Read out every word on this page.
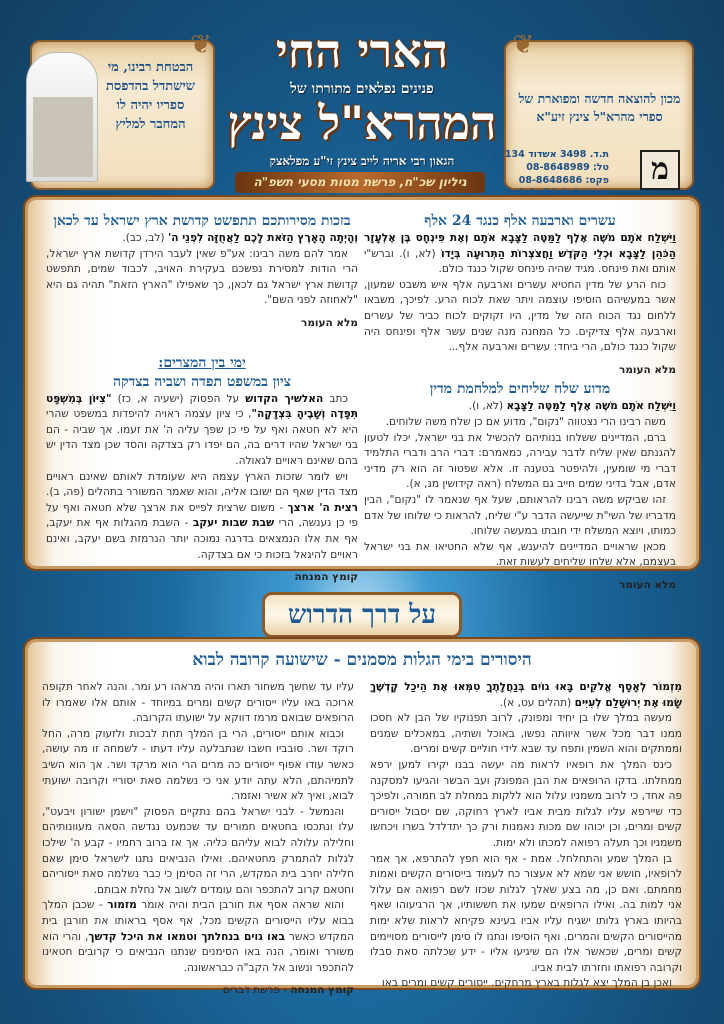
❦
❦
מכון להוצאה חדשה ומפוארת של ספרי מהרא"ל צינץ זיע"א
ת.ד. 3498 אשדוד 77134
טל: 08-8648989
פקס: 08-8648686
tzintz@tzintz.org
מ
הבטחת רבינו, מי שישתדל בהדפסת ספריו יהיה לו המחבר למליץ
הארי החי
פנינים נפלאים מתורתו של
המהרא"ל צינץ
הגאון רבי אריה לייב צינץ זי"ע מפלאצק
גיליון שכ"ח, פרשת מטות מסעי תשפ"ה
עשרים וארבעה אלף כנגד 24 אלף

וַיִּשְׁלַח אֹתָם מֹשֶׁה אֶלֶף לַמַּטֶּה לַצָּבָא אֹתָם וְאֶת פִּינְחָס בֶּן אֶלְעָזָר הַכֹּהֵן לַצָּבָא וּכְלֵי הַקֹּדֶשׁ וַחֲצֹצְרוֹת הַתְּרוּעָה בְּיָדוֹ (לא, ו). וברש"י אותם ואת פינחס. מגיד שהיה פינחס שקול כנגד כולם.

כוח הרע של מדין החטיא עשרים וארבעה אלף איש משבט שמעון, אשר במעשיהם הוסיפו עוצמה ויתר שאת לכוח הרע. לפיכך, משבאו ללחום נגד הכוח הזה של מדין, היו זקוקים לכוח כביר של עשרים וארבעה אלף צדיקים. כל המחנה מנה שנים עשר אלף ופינחס היה שקול כנגד כולם, הרי ביחד: עשרים וארבעה אלף...

מלא העומר
מדוע שלח שליחים למלחמת מדין

וַיִּשְׁלַח אֹתָם מֹשֶׁה אֶלֶף לַמַּטֶּה לַצָּבָא (לא, ו).

משה רבינו הרי נצטווה "נקום", מדוע אם כן שלח משה שלוחים.

ברם, המדיינים ששלחו בנותיהם להכשיל את בני ישראל, יכלו לטעון להגנתם שאין שליח לדבר עבירה, כמאמרם: דברי הרב ודברי התלמיד דברי מי שומעין, ולהיפטר בטענה זו. אלא שפטור זה הוא רק מדיני אדם, אבל בדיני שמים חייב גם המשלח (ראה קידושין מג, א).

זהו שביקש משה רבינו להראותם, שעל אף שנאמר לו "נקום", הבין מדבריו של השי"ת שייעשה הדבר ע"י שליח, להראות כי שלוחו של אדם כמותו, ויוצא המשלח ידי חובתו במעשה שלוחו.

מכאן שראויים המדיינים להיענש, אף שלא החטיאו את בני ישראל בעצמם, אלא שלחו שליחים לעשות זאת.

מלא העומר
בזכות מסירותכם תתפשט קדושת ארץ ישראל עד לכאן

וְהָיְתָה הָאָרֶץ הַזֹּאת לָכֶם לַאֲחֻזָּה לִפְנֵי ה' (לב, כב).

אמר להם משה רבינו: אע"פ שאין לעבר הירדן קדושת ארץ ישראל, הרי הודות למסירת נפשכם בעקירת האויב, לכבוד שמים, תתפשט קדושת ארץ ישראל גם לכאן, כך שאפילו "הארץ הזאת" תהיה גם היא "לאחוזה לפני השם".

מלא העומר
ימי בין המצרים:
ציון במשפט תפדה ושביה בצדקה

כתב האלשיך הקדוש על הפסוק (ישעיה א, כז) "צִיּוֹן בְּמִשְׁפָּט תִּפָּדֶה וְשָׁבֶיהָ בִּצְדָקָה", כי ציון עצמה ראויה להיפדות במשפט שהרי היא לא חטאה ואף על פי כן שפך עליה ה' את זעמו. אך שביה - הם בני ישראל שהיו דרים בה, הם יפדו רק בצדקה והסד שכן מצד הדין יש בהם שאינם ראויים לגאולה.

ויש לומר שזכות הארץ עצמה היא שעומדת לאותם שאינם ראויים מצד הדין שאף הם ישובו אליה, והוא שאמר המשורר בתהלים (פה, ב). רצית ה' ארצך - משום שרצית לפייס את ארצך שלא חטאה ואף על פי כן נענשה, הרי שבת שבות יעקב - השבת מהגלות אף את יעקב, אף את אלו הנמצאים בדרגה נמוכה יותר הנרמזת בשם יעקב, ואינם ראויים להיגאל בזכות כי אם בצדקה.

קומץ המנחה
על דרך הדרוש
היסורים בימי הגלות מסמנים - שישועה קרובה לבוא

מִזְמוֹר לְאָסָף אֱלֹקִים בָּאוּ גוֹיִם בְּנַחֲלָתֶךָ טִמְּאוּ אֶת הֵיכַל קָדְשֶׁךָ שָׂמוּ אֶת יְרוּשָׁלַם לְעִיִּים (תהלים עט, א).

מעשה במלך שלו בן יחיד ומפונק, לרוב תפנוקיו של הבן לא חסכו ממנו דבר מכל אשר איוותה נפשו, באוכל ושתיה, במאכלים שמנים וממתקים והוא השמין ותפח עד שבא לידי חוליים קשים ומרים.

כינס המלך את רופאיו לראות מה יעשה בבנו יקירו למען ירפא ממחלתו. בדקו הרופאים את הבן המפונק ועב הבשר והגיעו למסקנה פה אחד, כי לרוב משמניו עלול הוא ללקות במחלת לב חמורה, ולפיכך כדי שיירפא עליו לגלות מבית אביו לארץ רחוקה, שם יסבול ייסורים קשים ומרים, וכן יכוהו שם מכות נאמנות ורק כך יתדלדל בשרו ויכחשו משמניו וכך תעלה רפואה למכתו ולא ימות.

בן המלך שמע והתחלחל. אמת - אף הוא חפץ להתרפא, אך אמר לרופאיו, חושש אני שמא לא אעצור כח לעמוד בייסורים הקשים ואמות מחמתם. ואם כן, מה בצע שאלך לגלות שכזו לשם רפואה אם עלול אני למות בה. ואילו הרופאים שמעו את חששותיו, אך הרגיעוהו שאף בהיותו בארץ גלותו ישגיח עליו אביו בעינא פקיחא לראות שלא ימות מהייסורים הקשים והמרים. ואף הוסיפו ונתנו לו סימן לייסורים מסויימים קשים ומרים, שכאשר אלו הם שיגיעו אליו - ידע שכלתה סאת סבלו וקרובה רפואתו וחזרתו לבית אביו.

ואכן בן המלך יצא לגלות בארץ מרחקים. ייסורים קשים ומרים באו

עליו עד שחשך משחור תארו והיה מראהו רע ומר. והנה לאחר תקופה ארוכה באו עליו ייסורים קשים ומרים במיוחד - אותם אלו שאמרו לו הרופאים שבואם מרמז דווקא על ישועתו הקרובה.

וכבוא אותם ייסורים, הרי בן המלך תחת לבכות ולזעוק מרה, החל רוקד ושר. סובביו חשבו שנתבלעה עליו דעתו - לשמחה זו מה עושה, כאשר עודו אפוף ייסורים כה מרים הרי הוא מרקד ושר. אך הוא השיב לתמיהתם, הלא עתה יודע אני כי נשלמה סאת יסוריי וקרובה ישועתי לבוא, ואיך לא אשיר ואזמר.

והנמשל - לבני ישראל בהם נתקיים הפסוק "וישמן ישורון ויבעט", עלו ונתכסו בחטאים חמורים עד שכמעט נגדשה הסאה מעוונותיהם וחלילה עלולה לבוא עליהם כליה. אך אז ברוב רחמיו - קבע ה' שילכו לגלות להתמרק מחטאיהם. ואילו הנביאים נתנו לישראל סימן שאם חלילה יחרב בית המקדש, הרי זה הסימן כי כבר נשלמה סאת ייסוריהם וחטאם קרוב להתכפר והם עומדים לשוב אל נחלת אבותם.

והוא שראה אסף את חורבן הבית והיה אומר מזמור - שכבן המלך בבוא עליו הייסורים הקשים מכל, אף אסף בראותו את חורבן בית המקדש כאשר באו גוים בנחלתך וטמאו את היכל קדשך, והרי הוא משורר ואומר, הנה באו הסימנים שנתנו הנביאים כי קרובים חטאינו להתכפר ונשוב אל הקב"ה כבראשונה.

קומץ המנחה - פרשת דברים
